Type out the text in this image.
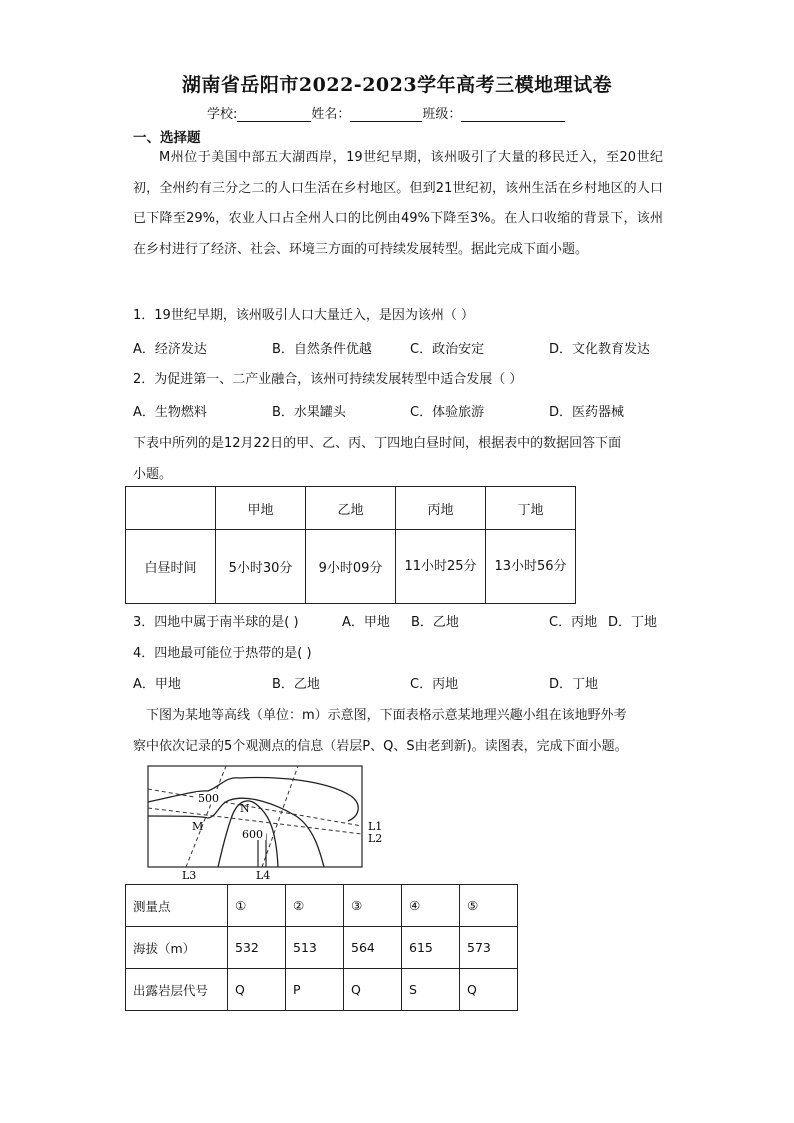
湖南省岳阳市2022-2023学年高考三模地理试卷
学校:	姓名：	班级：
一、选择题
M州位于美国中部五大湖西岸，19世纪早期，该州吸引了大量的移民迁入，至20世纪初，全州约有三分之二的人口生活在乡村地区。但到21世纪初，该州生活在乡村地区的人口已下降至29%，农业人口占全州人口的比例由49%下降至3%。在人口收缩的背景下，该州在乡村进行了经济、社会、环境三方面的可持续发展转型。据此完成下面小题。
1．19世纪早期，该州吸引人口大量迁入，是因为该州（ ）
A．经济发达	B．自然条件优越	C．政治安定	D．文化教育发达
2．为促进第一、二产业融合，该州可持续发展转型中适合发展（ ）
A．生物燃料	B．水果罐头	C．体验旅游	D．医药器械
下表中所列的是12月22日的甲、乙、丙、丁四地白昼时间，根据表中的数据回答下面
小题。
	甲地	乙地	丙地	丁地
白昼时间	5小时30分	9小时09分	11小时25分	13小时56分
3．四地中属于南半球的是( )	A．甲地 B．乙地	C．丙地 D．丁地
4．四地最可能位于热带的是( )
A．甲地	B．乙地	C．丙地	D．丁地
下图为某地等高线（单位：m）示意图，下面表格示意某地理兴趣小组在该地野外考
察中依次记录的5个观测点的信息（岩层P、Q、S由老到新)。读图表，完成下面小题。
500
600
M
N
L1
L2
L3	L4
测量点	①	②	③	④	⑤
海拔（m）	532	513	564	615	573
出露岩层代号	Q	P	Q	S	Q
